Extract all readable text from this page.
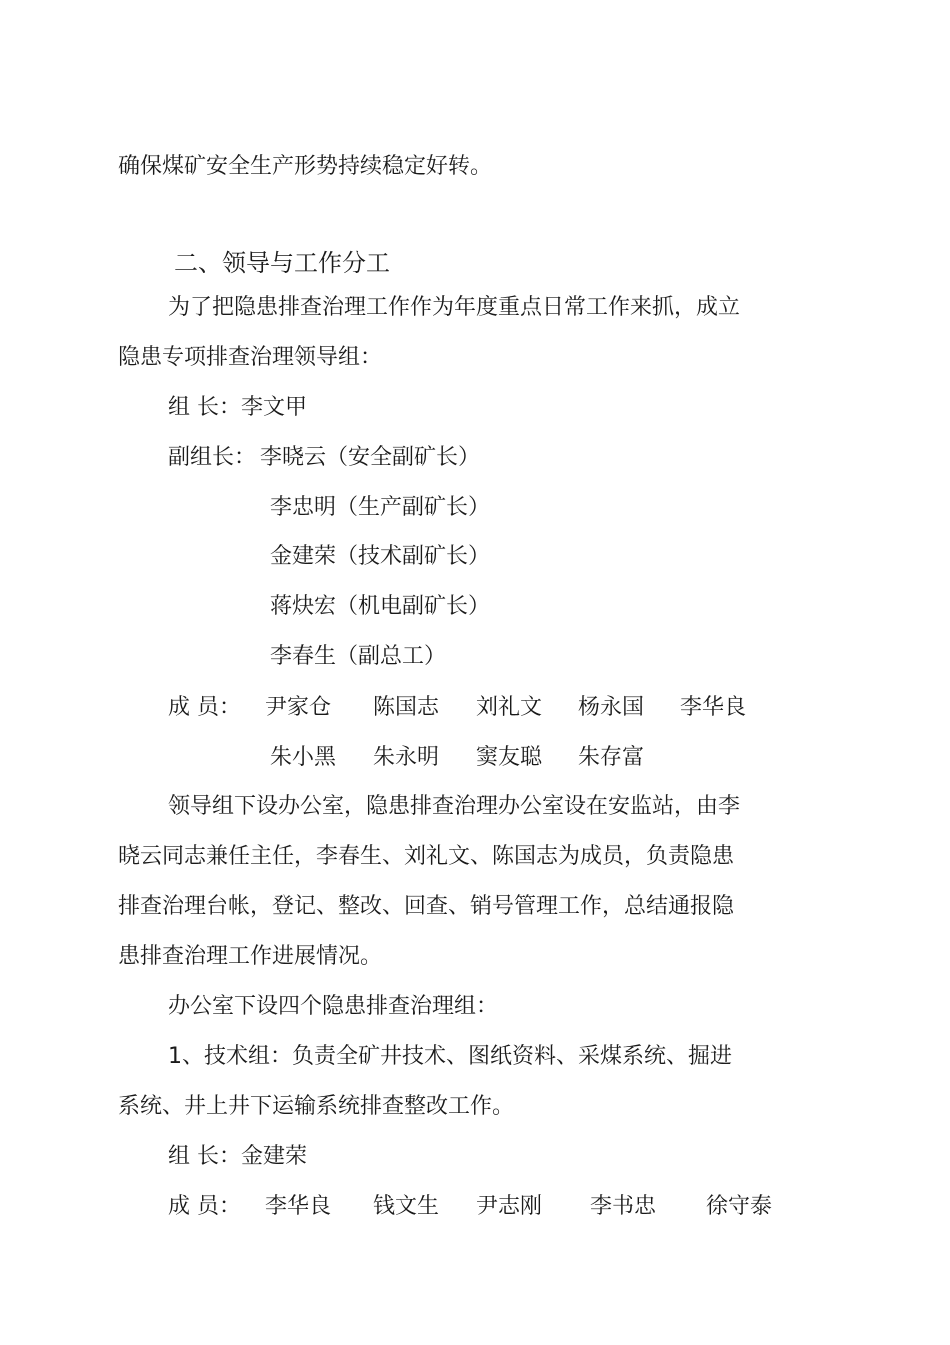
确保煤矿安全生产形势持续稳定好转。
二、领导与工作分工
为了把隐患排查治理工作作为年度重点日常工作来抓，成立
隐患专项排查治理领导组：
组 长：李文甲
副组长： 李晓云（安全副矿长）
李忠明（生产副矿长）
金建荣（技术副矿长）
蒋炔宏（机电副矿长）
李春生（副总工）
成 员： 尹家仓 陈国志 刘礼文 杨永国 李华良
朱小黑 朱永明 窦友聪 朱存富
领导组下设办公室，隐患排查治理办公室设在安监站，由李
晓云同志兼任主任，李春生、刘礼文、陈国志为成员，负责隐患
排查治理台帐，登记、整改、回查、销号管理工作，总结通报隐
患排查治理工作进展情况。
办公室下设四个隐患排查治理组：
1、技术组：负责全矿井技术、图纸资料、采煤系统、掘进
系统、井上井下运输系统排查整改工作。
组 长：金建荣
成 员： 李华良 钱文生 尹志刚 李书忠 徐守泰
